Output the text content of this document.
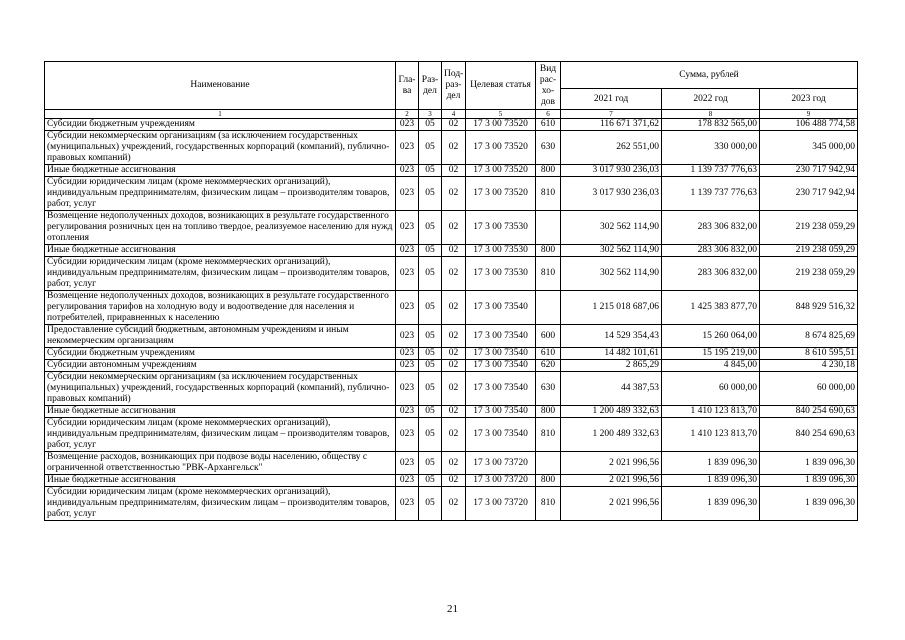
Наименование	Гла-ва	Раз-дел	Под-раз-дел	Целевая статья	Вид рас-хо-дов	Сумма, рублей		
						2021 год	2022 год	2023 год
1	2	3	4	5	6	7	8	9
Субсидии бюджетным учреждениям	023	05	02	17 3 00 73520	610	116 671 371,62	178 832 565,00	106 488 774,58
Субсидии некоммерческим организациям (за исключением государственных (муниципальных) учреждений, государственных корпораций (компаний), публично-правовых компаний)	023	05	02	17 3 00 73520	630	262 551,00	330 000,00	345 000,00
Иные бюджетные ассигнования	023	05	02	17 3 00 73520	800	3 017 930 236,03	1 139 737 776,63	230 717 942,94
Субсидии юридическим лицам (кроме некоммерческих организаций), индивидуальным предпринимателям, физическим лицам – производителям товаров, работ, услуг	023	05	02	17 3 00 73520	810	3 017 930 236,03	1 139 737 776,63	230 717 942,94
Возмещение недополученных доходов, возникающих в результате государственного регулирования розничных цен на топливо твердое, реализуемое населению для нужд отопления	023	05	02	17 3 00 73530		302 562 114,90	283 306 832,00	219 238 059,29
Иные бюджетные ассигнования	023	05	02	17 3 00 73530	800	302 562 114,90	283 306 832,00	219 238 059,29
Субсидии юридическим лицам (кроме некоммерческих организаций), индивидуальным предпринимателям, физическим лицам – производителям товаров, работ, услуг	023	05	02	17 3 00 73530	810	302 562 114,90	283 306 832,00	219 238 059,29
Возмещение недополученных доходов, возникающих в результате государственного регулирования тарифов на холодную воду и водоотведение для населения и потребителей, приравненных к населению	023	05	02	17 3 00 73540		1 215 018 687,06	1 425 383 877,70	848 929 516,32
Предоставление субсидий бюджетным, автономным учреждениям и иным некоммерческим организациям	023	05	02	17 3 00 73540	600	14 529 354,43	15 260 064,00	8 674 825,69
Субсидии бюджетным учреждениям	023	05	02	17 3 00 73540	610	14 482 101,61	15 195 219,00	8 610 595,51
Субсидии автономным учреждениям	023	05	02	17 3 00 73540	620	2 865,29	4 845,00	4 230,18
Субсидии некоммерческим организациям (за исключением государственных (муниципальных) учреждений, государственных корпораций (компаний), публично-правовых компаний)	023	05	02	17 3 00 73540	630	44 387,53	60 000,00	60 000,00
Иные бюджетные ассигнования	023	05	02	17 3 00 73540	800	1 200 489 332,63	1 410 123 813,70	840 254 690,63
Субсидии юридическим лицам (кроме некоммерческих организаций), индивидуальным предпринимателям, физическим лицам – производителям товаров, работ, услуг	023	05	02	17 3 00 73540	810	1 200 489 332,63	1 410 123 813,70	840 254 690,63
Возмещение расходов, возникающих при подвозе воды населению, обществу с ограниченной ответственностью "РВК-Архангельск"	023	05	02	17 3 00 73720		2 021 996,56	1 839 096,30	1 839 096,30
Иные бюджетные ассигнования	023	05	02	17 3 00 73720	800	2 021 996,56	1 839 096,30	1 839 096,30
Субсидии юридическим лицам (кроме некоммерческих организаций), индивидуальным предпринимателям, физическим лицам – производителям товаров, работ, услуг	023	05	02	17 3 00 73720	810	2 021 996,56	1 839 096,30	1 839 096,30
21
